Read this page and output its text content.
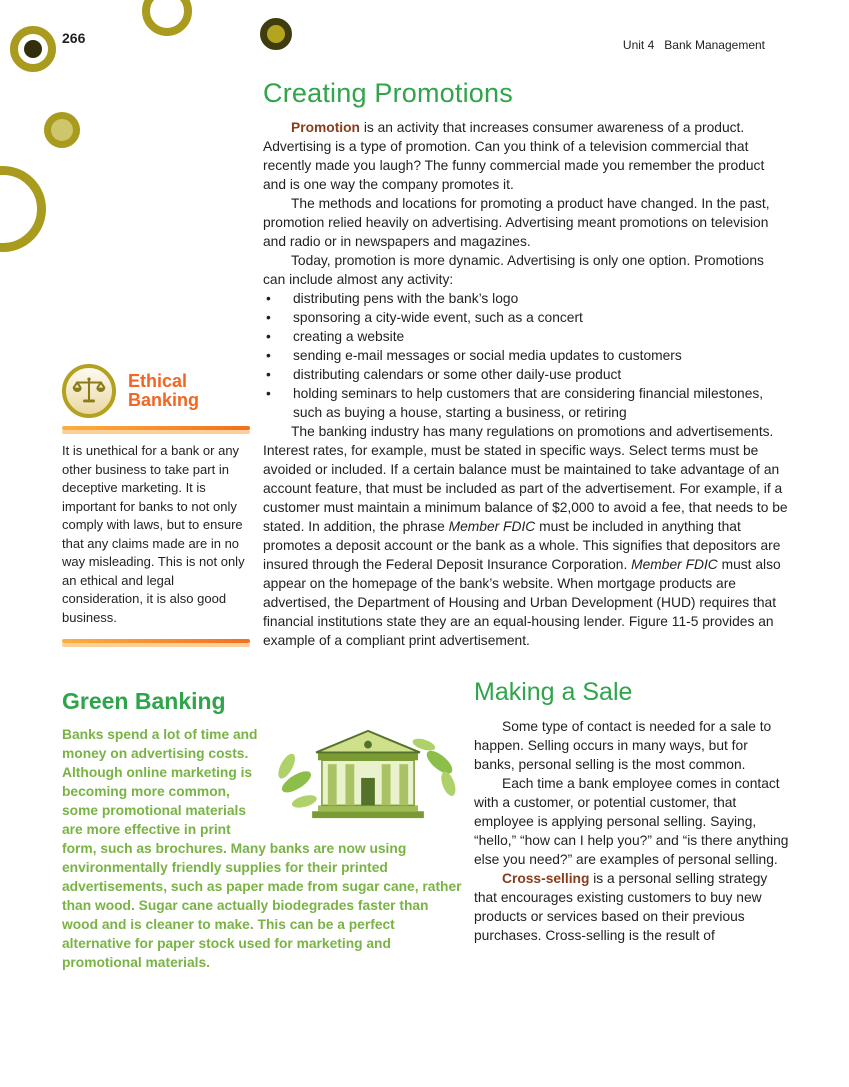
266	Unit 4   Bank Management
Creating Promotions

Promotion is an activity that increases consumer awareness of a product. Advertising is a type of promotion. Can you think of a television commercial that recently made you laugh? The funny commercial made you remember the product and is one way the company promotes it.

The methods and locations for promoting a product have changed. In the past, promotion relied heavily on advertising. Advertising meant promotions on television and radio or in newspapers and magazines.

Today, promotion is more dynamic. Advertising is only one option. Promotions can include almost any activity:

• distributing pens with the bank’s logo
• sponsoring a city-wide event, such as a concert
• creating a website
• sending e-mail messages or social media updates to customers
• distributing calendars or some other daily-use product
• holding seminars to help customers that are considering financial milestones, such as buying a house, starting a business, or retiring

The banking industry has many regulations on promotions and advertisements. Interest rates, for example, must be stated in specific ways. Select terms must be avoided or included. If a certain balance must be maintained to take advantage of an account feature, that must be included as part of the advertisement. For example, if a customer must maintain a minimum balance of $2,000 to avoid a fee, that needs to be stated. In addition, the phrase Member FDIC must be included in anything that promotes a deposit account or the bank as a whole. This signifies that depositors are insured through the Federal Deposit Insurance Corporation. Member FDIC must also appear on the homepage of the bank’s website. When mortgage products are advertised, the Department of Housing and Urban Development (HUD) requires that financial institutions state they are an equal-housing lender. Figure 11-5 provides an example of a compliant print advertisement.

Ethical
Banking
It is unethical for a bank or any other business to take part in deceptive marketing. It is important for banks to not only comply with laws, but to ensure that any claims made are in no way misleading. This is not only an ethical and legal consideration, it is also good business.
Green Banking
Banks spend a lot of time and money on advertising costs. Although online marketing is becoming more common, some promotional materials are more effective in print form, such as brochures. Many banks are now using environmentally friendly supplies for their printed advertisements, such as paper made from sugar cane, rather than wood. Sugar cane actually biodegrades faster than wood and is cleaner to make. This can be a perfect alternative for paper stock used for marketing and promotional materials.
Making a Sale

Some type of contact is needed for a sale to happen. Selling occurs in many ways, but for banks, personal selling is the most common.

Each time a bank employee comes in contact with a customer, or potential customer, that employee is applying personal selling. Saying, “hello,” “how can I help you?” and “is there anything else you need?” are examples of personal selling.

Cross-selling is a personal selling strategy that encourages existing customers to buy new products or services based on their previous purchases. Cross-selling is the result of
